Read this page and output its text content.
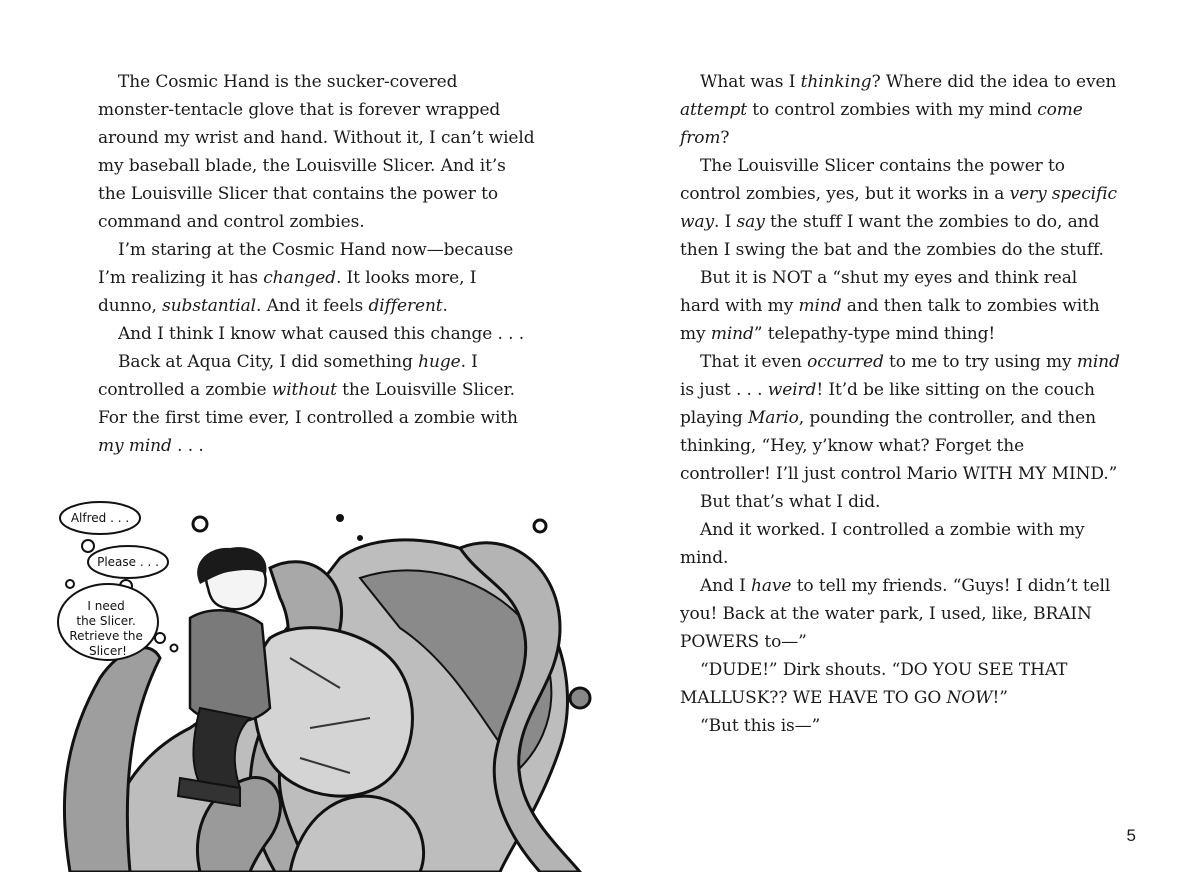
The Cosmic Hand is the sucker-covered monster-tentacle glove that is forever wrapped around my wrist and hand. Without it, I can’t wield my baseball blade, the Louisville Slicer. And it’s the Louisville Slicer that contains the power to command and control zombies.

I’m staring at the Cosmic Hand now—because I’m realizing it has changed. It looks more, I dunno, substantial. And it feels different.

And I think I know what caused this change . . .

Back at Aqua City, I did something huge. I controlled a zombie without the Louisville Slicer. For the first time ever, I controlled a zombie with my mind . . .

Alfred . . .
Please . . .
I need the Slicer. Retrieve the Slicer!

What was I thinking? Where did the idea to even attempt to control zombies with my mind come from?

The Louisville Slicer contains the power to control zombies, yes, but it works in a very specific way. I say the stuff I want the zombies to do, and then I swing the bat and the zombies do the stuff.

But it is NOT a “shut my eyes and think real hard with my mind and then talk to zombies with my mind” telepathy-type mind thing!

That it even occurred to me to try using my mind is just . . . weird! It’d be like sitting on the couch playing Mario, pounding the controller, and then thinking, “Hey, y’know what? Forget the controller! I’ll just control Mario WITH MY MIND.”

But that’s what I did.

And it worked. I controlled a zombie with my mind.

And I have to tell my friends. “Guys! I didn’t tell you! Back at the water park, I used, like, BRAIN POWERS to—”

“DUDE!” Dirk shouts. “DO YOU SEE THAT MALLUSK?? WE HAVE TO GO NOW!”

“But this is—”

5
